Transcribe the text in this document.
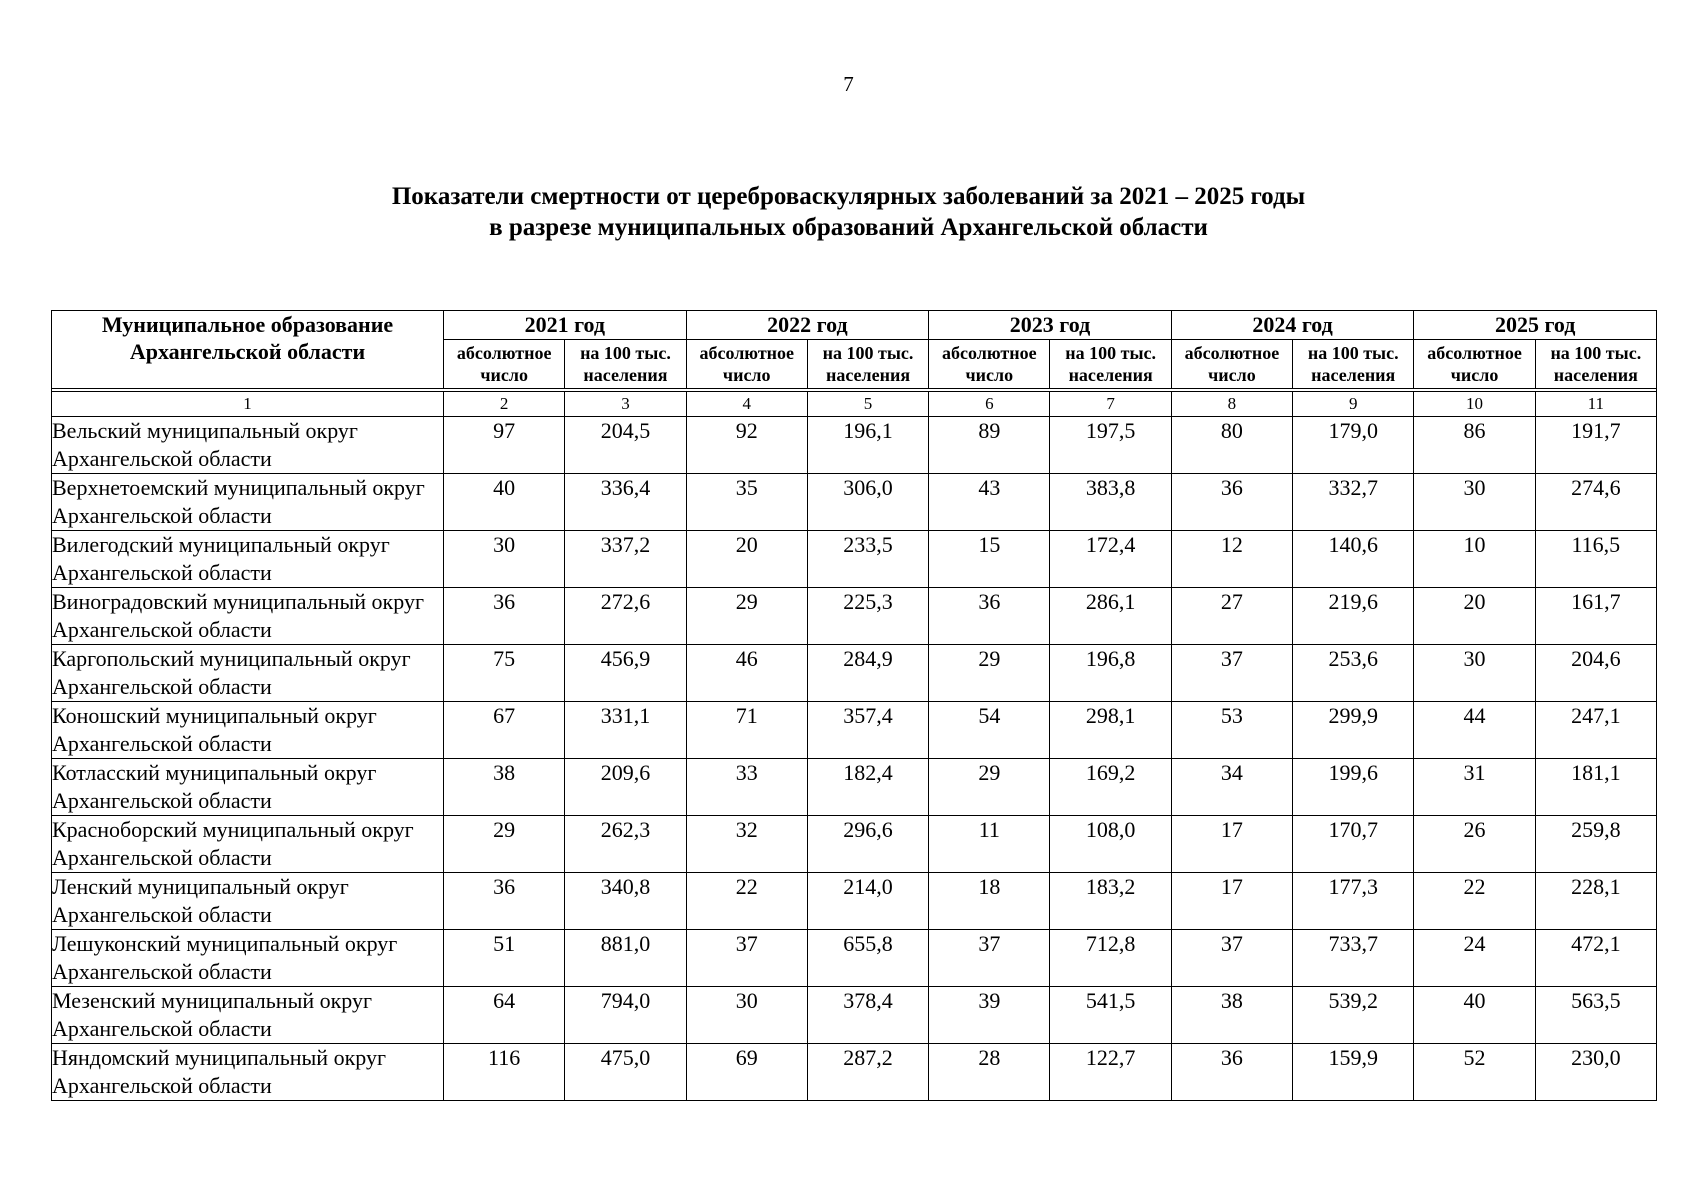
7
Показатели смертности от цереброваскулярных заболеваний за 2021 – 2025 годы
в разрезе муниципальных образований Архангельской области
Муниципальное образование Архангельской области	2021 год		2022 год		2023 год		2024 год		2025 год	
	абсолютное число	на 100 тыс. населения	абсолютное число	на 100 тыс. населения	абсолютное число	на 100 тыс. населения	абсолютное число	на 100 тыс. населения	абсолютное число	на 100 тыс. населения

1	2	3	4	5	6	7	8	9	10	11
Вельский муниципальный округ Архангельской области	97	204,5	92	196,1	89	197,5	80	179,0	86	191,7
Верхнетоемский муниципальный округ Архангельской области	40	336,4	35	306,0	43	383,8	36	332,7	30	274,6
Вилегодский муниципальный округ Архангельской области	30	337,2	20	233,5	15	172,4	12	140,6	10	116,5
Виноградовский муниципальный округ Архангельской области	36	272,6	29	225,3	36	286,1	27	219,6	20	161,7
Каргопольский муниципальный округ Архангельской области	75	456,9	46	284,9	29	196,8	37	253,6	30	204,6
Коношский муниципальный округ Архангельской области	67	331,1	71	357,4	54	298,1	53	299,9	44	247,1
Котласский муниципальный округ Архангельской области	38	209,6	33	182,4	29	169,2	34	199,6	31	181,1
Красноборский муниципальный округ Архангельской области	29	262,3	32	296,6	11	108,0	17	170,7	26	259,8
Ленский муниципальный округ Архангельской области	36	340,8	22	214,0	18	183,2	17	177,3	22	228,1
Лешуконский муниципальный округ Архангельской области	51	881,0	37	655,8	37	712,8	37	733,7	24	472,1
Мезенский муниципальный округ Архангельской области	64	794,0	30	378,4	39	541,5	38	539,2	40	563,5
Няндомский муниципальный округ Архангельской области	116	475,0	69	287,2	28	122,7	36	159,9	52	230,0
